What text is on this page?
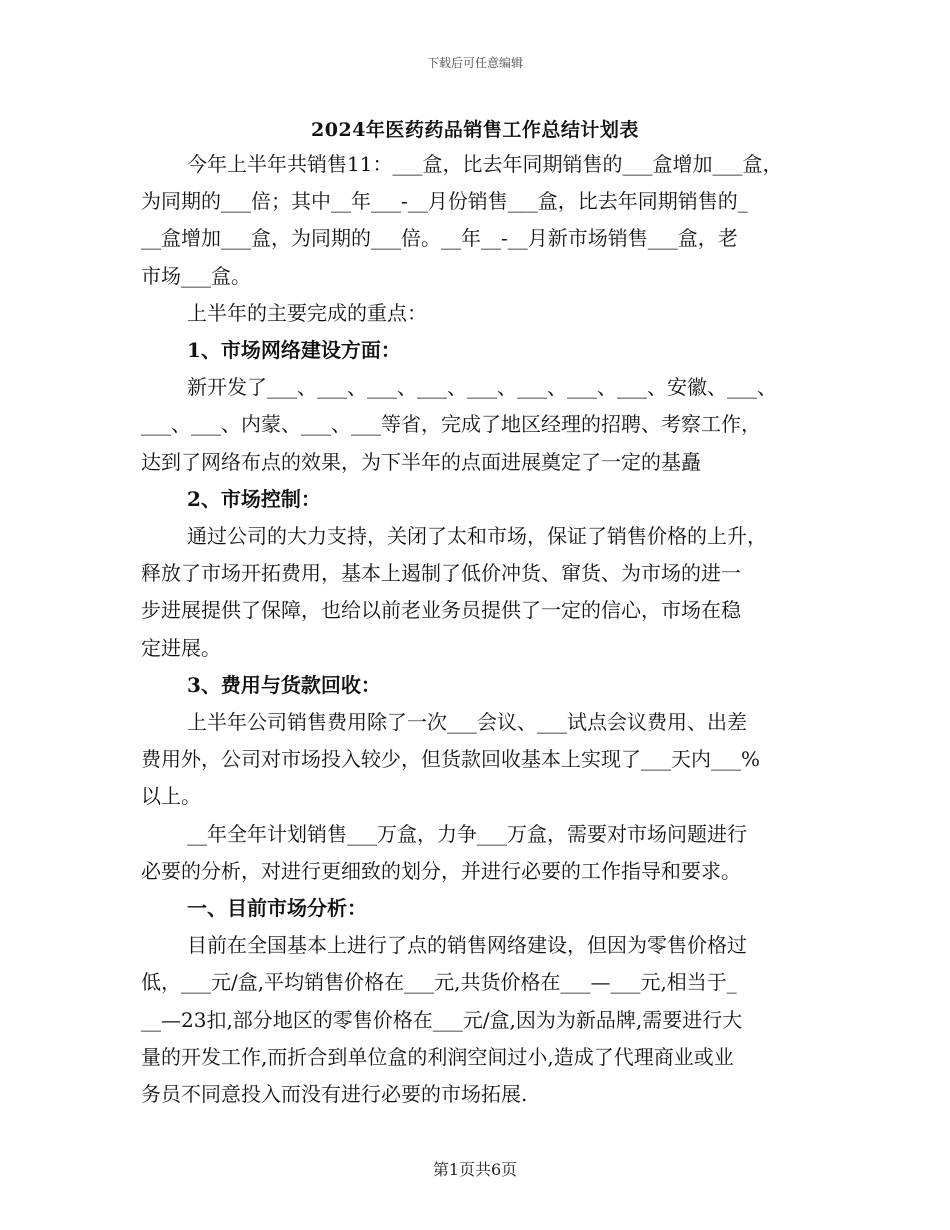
下载后可任意编辑
2024年医药药品销售工作总结计划表

今年上半年共销售11：___盒，比去年同期销售的___盒增加___盒，

为同期的___倍；其中__年___-__月份销售___盒，比去年同期销售的_

__盒增加___盒，为同期的___倍。__年__-__月新市场销售___盒，老

市场___盒。

上半年的主要完成的重点：

1、市场网络建设方面：

新开发了___、___、___、___、___、___、___、___、安徽、___、

___、___、内蒙、___、___等省，完成了地区经理的招聘、考察工作，

达到了网络布点的效果，为下半年的点面进展奠定了一定的基矗

2、市场控制：

通过公司的大力支持，关闭了太和市场，保证了销售价格的上升，

释放了市场开拓费用，基本上遏制了低价冲货、窜货、为市场的进一

步进展提供了保障，也给以前老业务员提供了一定的信心，市场在稳

定进展。

3、费用与货款回收：

上半年公司销售费用除了一次___会议、___试点会议费用、出差

费用外，公司对市场投入较少，但货款回收基本上实现了___天内___%

以上。

__年全年计划销售___万盒，力争___万盒，需要对市场问题进行

必要的分析，对进行更细致的划分，并进行必要的工作指导和要求。

一、目前市场分析：

目前在全国基本上进行了点的销售网络建设，但因为零售价格过

低，___元/盒,平均销售价格在___元,共货价格在___—___元,相当于_

__—23扣,部分地区的零售价格在___元/盒,因为为新品牌,需要进行大

量的开发工作,而折合到单位盒的利润空间过小,造成了代理商业或业

务员不同意投入而没有进行必要的市场拓展.

第1页共6页
